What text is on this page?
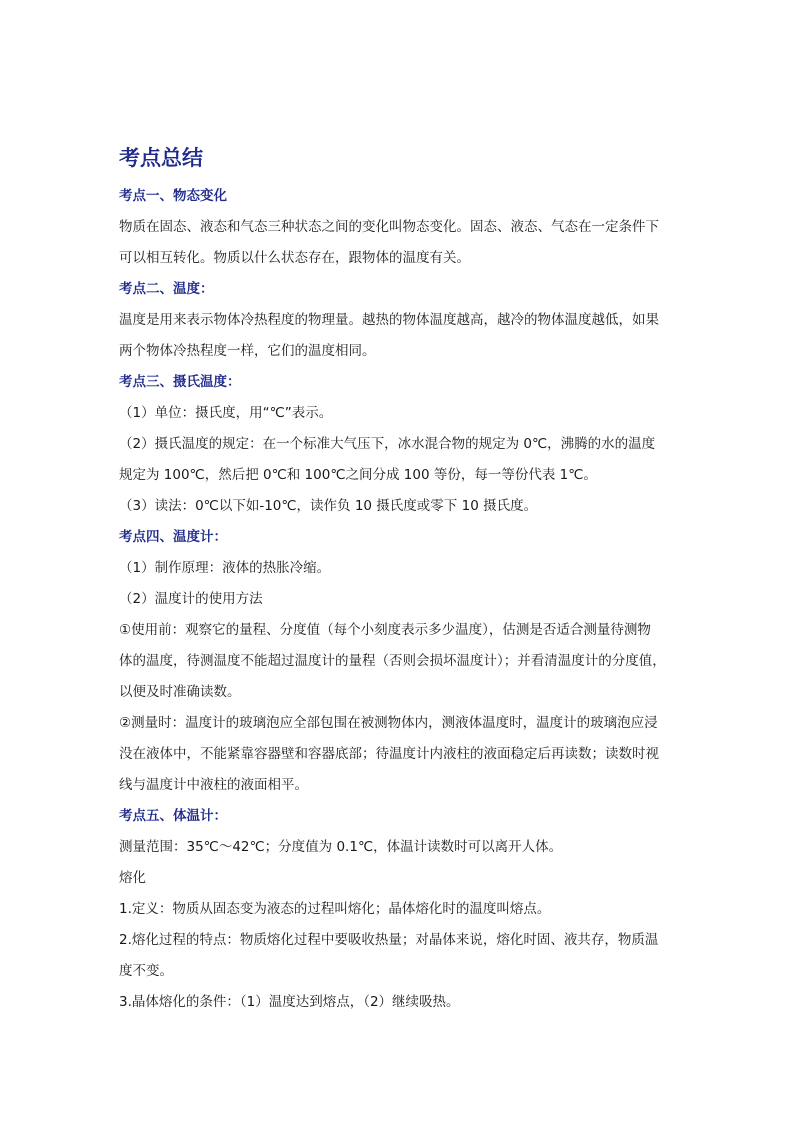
考点总结
考点一、物态变化

物质在固态、液态和气态三种状态之间的变化叫物态变化。固态、液态、气态在一定条件下
可以相互转化。物质以什么状态存在，跟物体的温度有关。

考点二、温度：

温度是用来表示物体冷热程度的物理量。越热的物体温度越高，越冷的物体温度越低，如果
两个物体冷热程度一样，它们的温度相同。

考点三、摄氏温度：

（1）单位：摄氏度，用“℃”表示。

（2）摄氏温度的规定：在一个标准大气压下，冰水混合物的规定为 0℃，沸腾的水的温度
规定为 100℃，然后把 0℃和 100℃之间分成 100 等份，每一等份代表 1℃。

（3）读法：0℃以下如-10℃，读作负 10 摄氏度或零下 10 摄氏度。

考点四、温度计：

（1）制作原理：液体的热胀冷缩。

（2）温度计的使用方法

①使用前：观察它的量程、分度值（每个小刻度表示多少温度），估测是否适合测量待测物
体的温度，待测温度不能超过温度计的量程（否则会损坏温度计）；并看清温度计的分度值，
以便及时准确读数。

②测量时：温度计的玻璃泡应全部包围在被测物体内，测液体温度时，温度计的玻璃泡应浸
没在液体中，不能紧靠容器壁和容器底部；待温度计内液柱的液面稳定后再读数；读数时视
线与温度计中液柱的液面相平。

考点五、体温计：

测量范围：35℃～42℃；分度值为 0.1℃，体温计读数时可以离开人体。

熔化

1.定义：物质从固态变为液态的过程叫熔化；晶体熔化时的温度叫熔点。

2.熔化过程的特点：物质熔化过程中要吸收热量；对晶体来说，熔化时固、液共存，物质温
度不变。

3.晶体熔化的条件：（1）温度达到熔点，（2）继续吸热。
